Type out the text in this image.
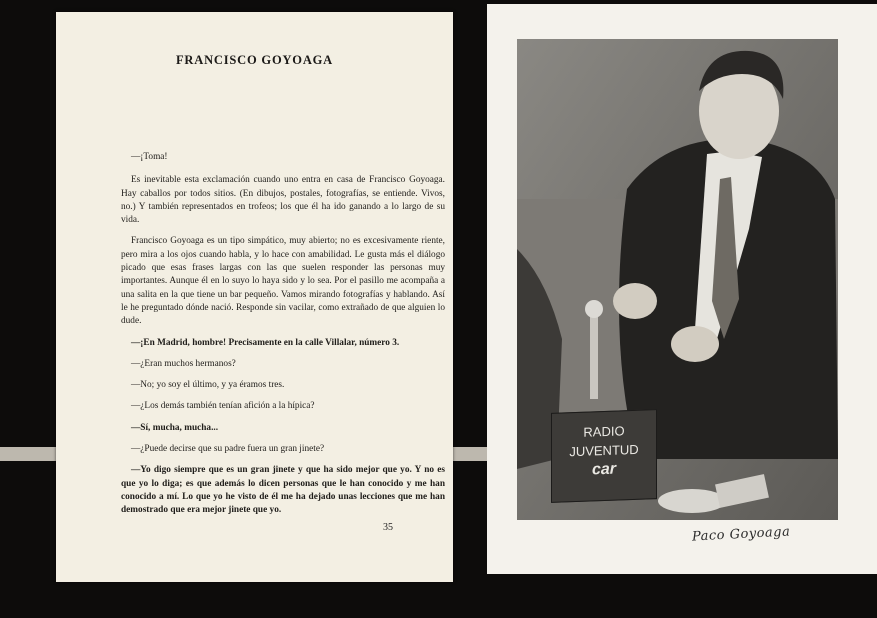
FRANCISCO GOYOAGA

—¡Toma!

Es inevitable esta exclamación cuando uno entra en casa de Francisco Goyoaga. Hay caballos por todos sitios. (En dibujos, postales, fotografías, se entiende. Vivos, no.) Y también representados en trofeos; los que él ha ido ganando a lo largo de su vida.

Francisco Goyoaga es un tipo simpático, muy abierto; no es excesivamente riente, pero mira a los ojos cuando habla, y lo hace con amabilidad. Le gusta más el diálogo picado que esas frases largas con las que suelen responder las personas muy importantes. Aunque él en lo suyo lo haya sido y lo sea. Por el pasillo me acompaña a una salita en la que tiene un bar pequeño. Vamos mirando fotografías y hablando. Así le he preguntado dónde nació. Responde sin vacilar, como extrañado de que alguien lo dude.

—¡En Madrid, hombre! Precisamente en la calle Villalar, número 3.

—¿Eran muchos hermanos?

—No; yo soy el último, y ya éramos tres.

—¿Los demás también tenían afición a la hípica?

—Sí, mucha, mucha...

—¿Puede decirse que su padre fuera un gran jinete?

—Yo digo siempre que es un gran jinete y que ha sido mejor que yo. Y no es que yo lo diga; es que además lo dicen personas que le han conocido y me han conocido a mí. Lo que yo he visto de él me ha dejado unas lecciones que me han demostrado que era mejor jinete que yo.

35
RADIO
JUVENTUD
car
Paco Goyoaga
